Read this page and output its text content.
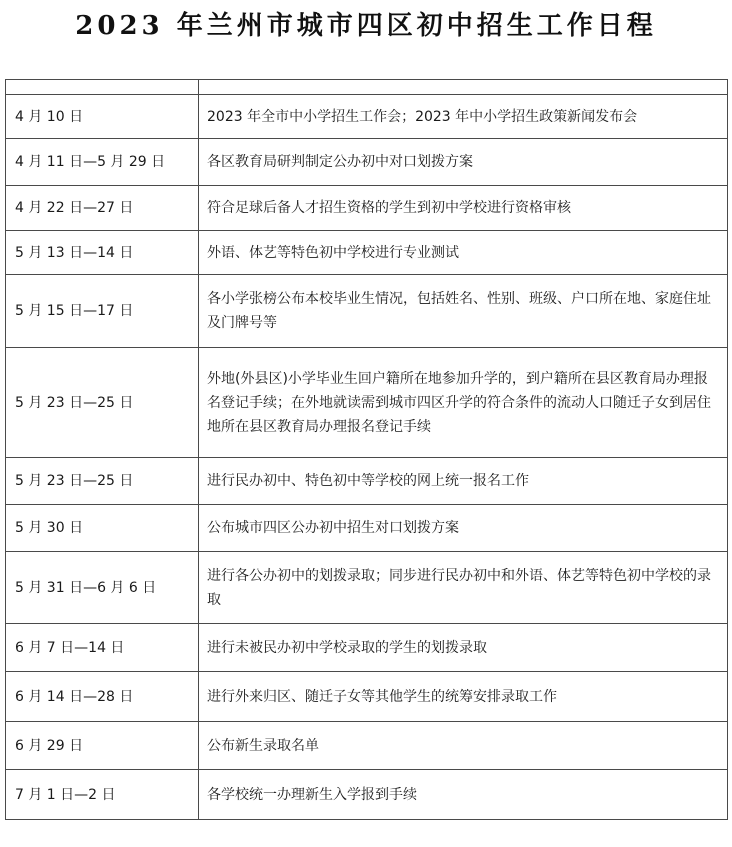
2023 年兰州市城市四区初中招生工作日程

4 月 10 日	2023 年全市中小学招生工作会；2023 年中小学招生政策新闻发布会
4 月 11 日—5 月 29 日	各区教育局研判制定公办初中对口划拨方案
4 月 22 日—27 日	符合足球后备人才招生资格的学生到初中学校进行资格审核
5 月 13 日—14 日	外语、体艺等特色初中学校进行专业测试
5 月 15 日—17 日	各小学张榜公布本校毕业生情况，包括姓名、性别、班级、户口所在地、家庭住址及门牌号等
5 月 23 日—25 日	外地(外县区)小学毕业生回户籍所在地参加升学的，到户籍所在县区教育局办理报名登记手续；在外地就读需到城市四区升学的符合条件的流动人口随迁子女到居住地所在县区教育局办理报名登记手续
5 月 23 日—25 日	进行民办初中、特色初中等学校的网上统一报名工作
5 月 30 日	公布城市四区公办初中招生对口划拨方案
5 月 31 日—6 月 6 日	进行各公办初中的划拨录取；同步进行民办初中和外语、体艺等特色初中学校的录取
6 月 7 日—14 日	进行未被民办初中学校录取的学生的划拨录取
6 月 14 日—28 日	进行外来归区、随迁子女等其他学生的统筹安排录取工作
6 月 29 日	公布新生录取名单
7 月 1 日—2 日	各学校统一办理新生入学报到手续
